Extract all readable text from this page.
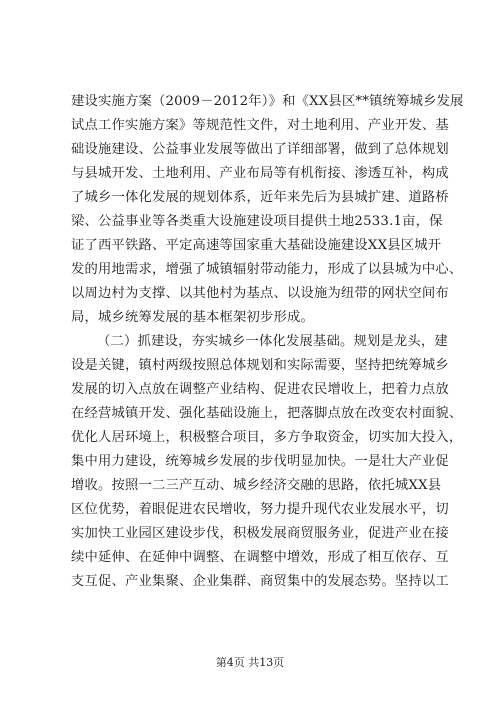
建设实施方案（2009－2012年）》和《XX县区**镇统筹城乡发展
试点工作实施方案》等规范性文件，对土地利用、产业开发、基
础设施建设、公益事业发展等做出了详细部署，做到了总体规划
与县城开发、土地利用、产业布局等有机衔接、渗透互补，构成
了城乡一体化发展的规划体系，近年来先后为县城扩建、道路桥
梁、公益事业等各类重大设施建设项目提供土地2533.1亩，保
证了西平铁路、平定高速等国家重大基础设施建设XX县区城开
发的用地需求，增强了城镇辐射带动能力，形成了以县城为中心、
以周边村为支撑、以其他村为基点、以设施为纽带的网状空间布
局，城乡统筹发展的基本框架初步形成。
（二）抓建设，夯实城乡一体化发展基础。规划是龙头，建
设是关键，镇村两级按照总体规划和实际需要，坚持把统筹城乡
发展的切入点放在调整产业结构、促进农民增收上，把着力点放
在经营城镇开发、强化基础设施上，把落脚点放在改变农村面貌、
优化人居环境上，积极整合项目，多方争取资金，切实加大投入，
集中用力建设，统筹城乡发展的步伐明显加快。一是壮大产业促
增收。按照一二三产互动、城乡经济交融的思路，依托城XX县
区位优势，着眼促进农民增收，努力提升现代农业发展水平，切
实加快工业园区建设步伐，积极发展商贸服务业，促进产业在接
续中延伸、在延伸中调整、在调整中增效，形成了相互依存、互
支互促、产业集聚、企业集群、商贸集中的发展态势。坚持以工
第4页 共13页
